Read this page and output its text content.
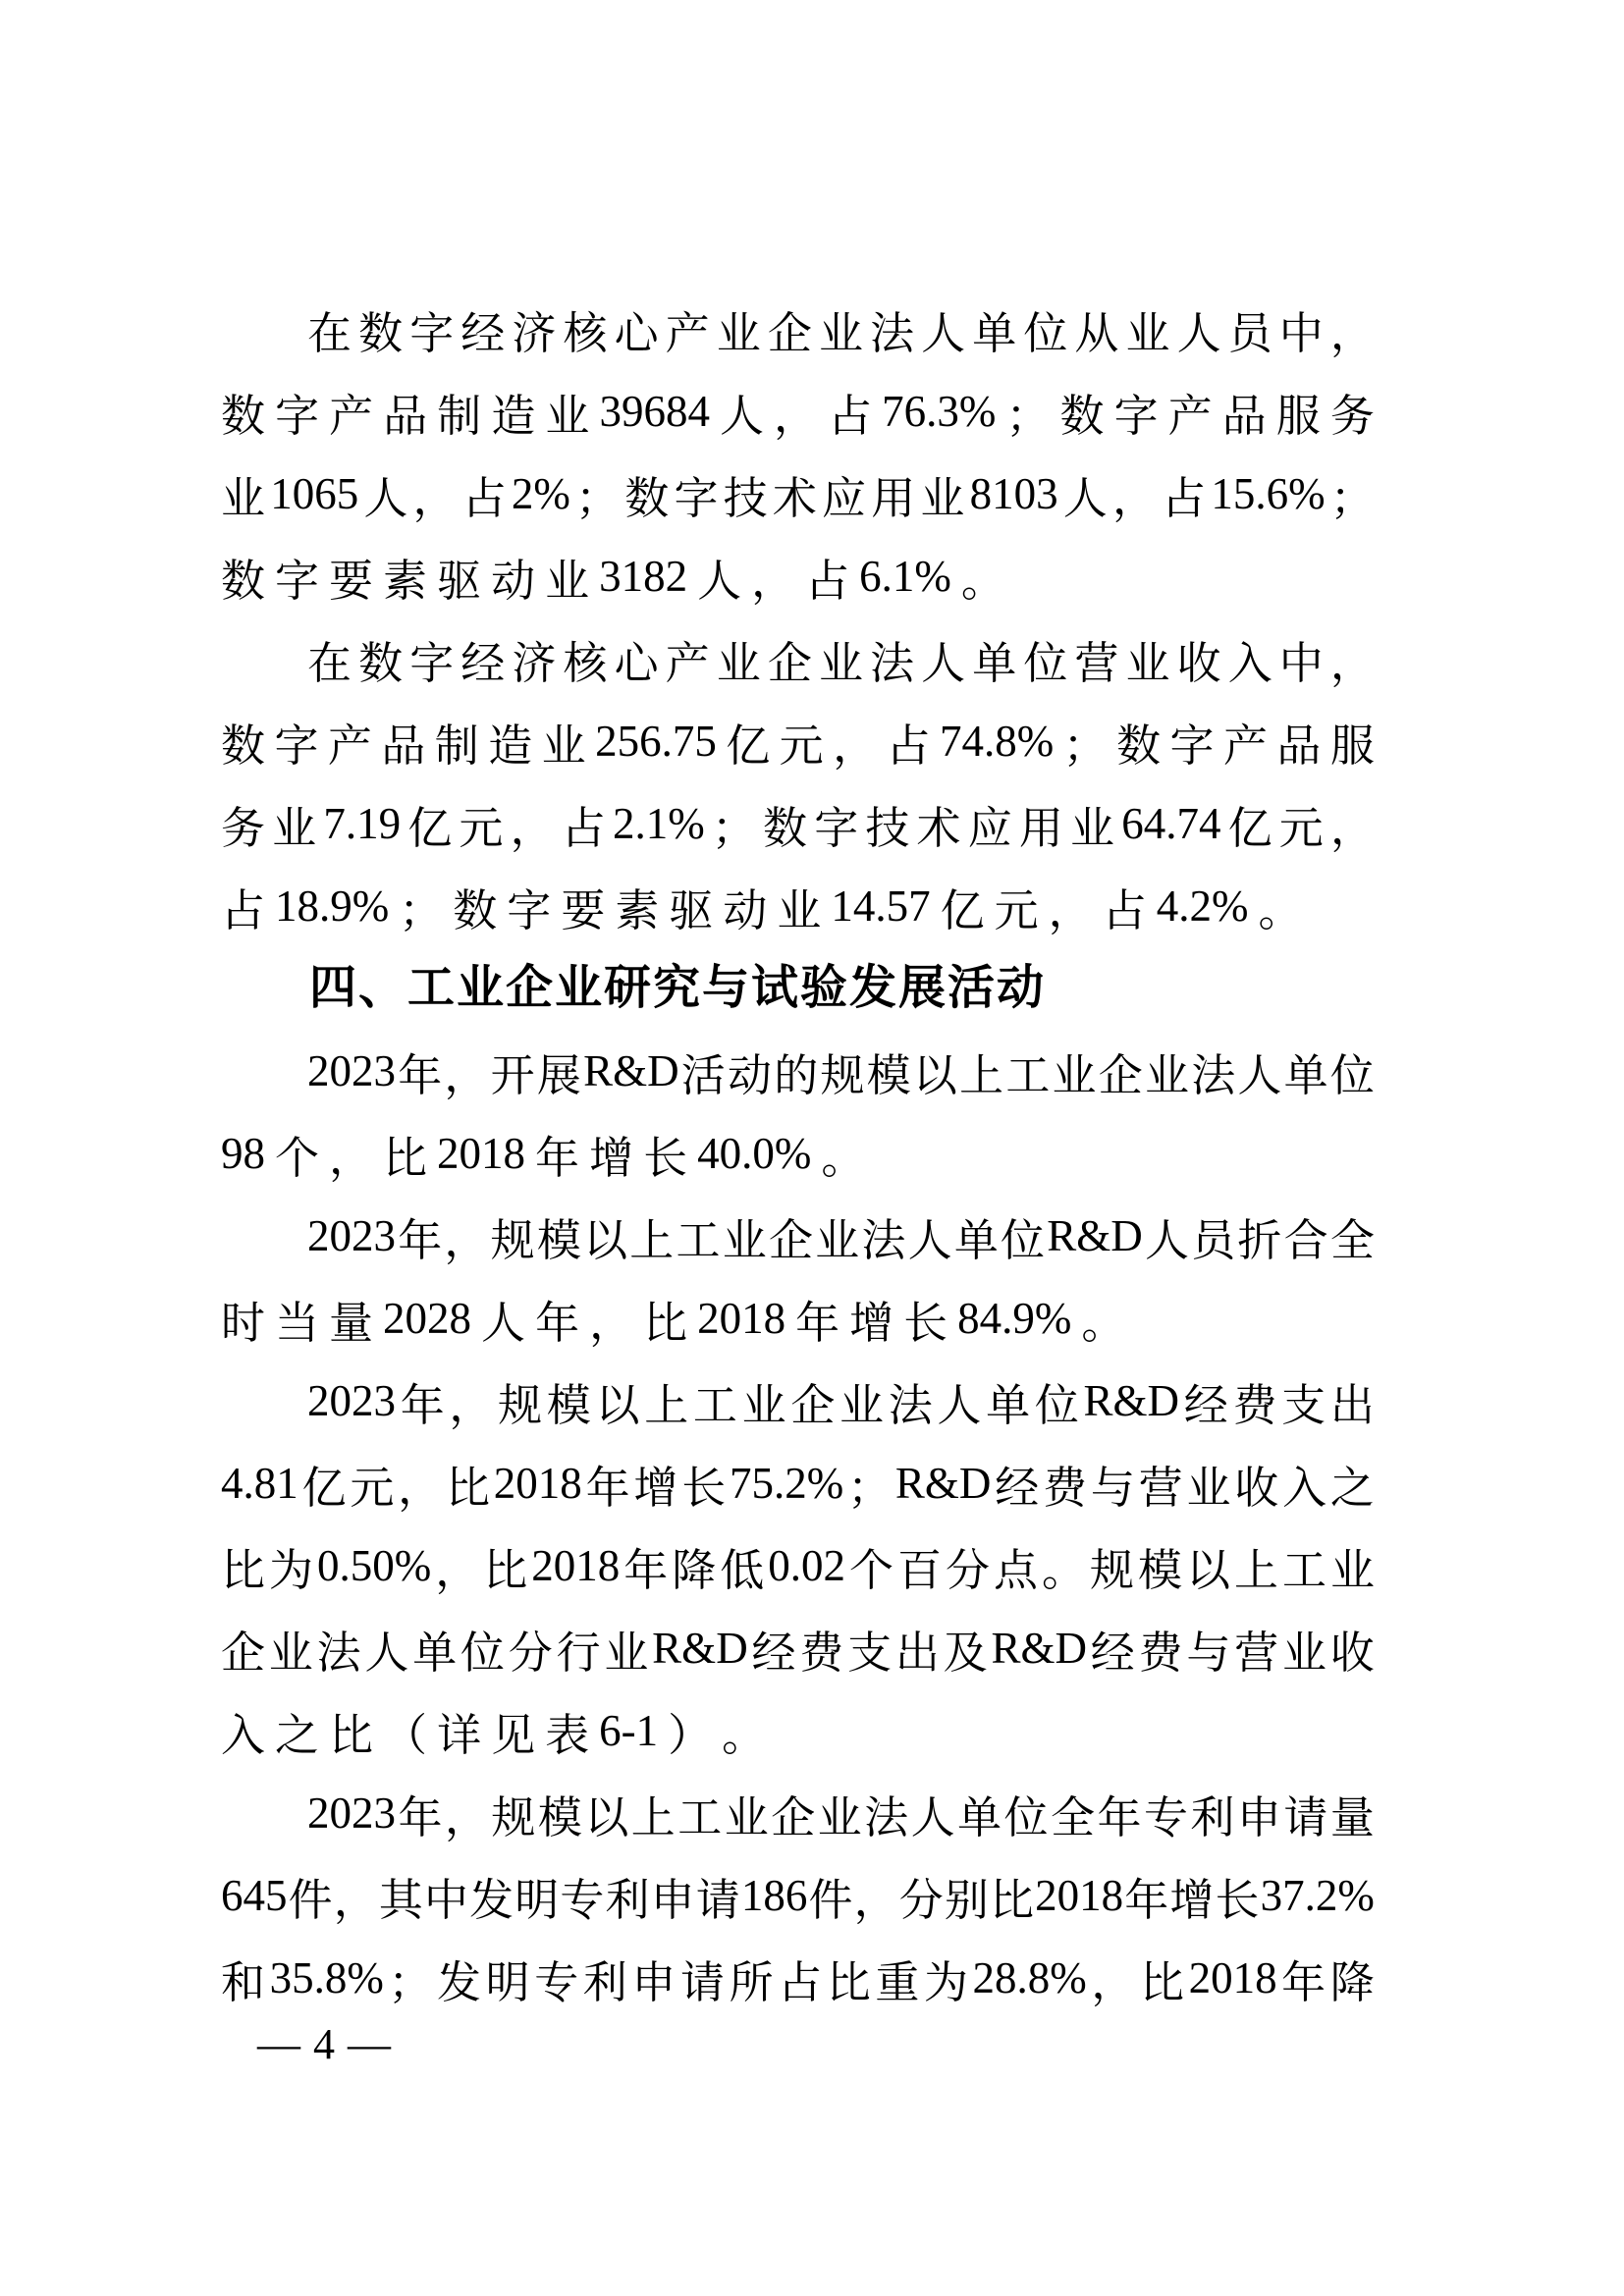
在 数 字 经 济 核 心 产 业 企 业 法 人 单 位 从 业 人 员 中 ，
数 字 产 品 制 造 业 39684 人 ， 占 76.3% ； 数 字 产 品 服 务
业 1065 人 ， 占 2% ； 数 字 技 术 应 用 业 8103 人 ， 占 15.6% ；
数 字 要 素 驱 动 业 3182 人 ， 占 6.1% 。
在 数 字 经 济 核 心 产 业 企 业 法 人 单 位 营 业 收 入 中 ，
数 字 产 品 制 造 业 256.75 亿 元 ， 占 74.8% ； 数 字 产 品 服
务 业 7.19 亿 元 ， 占 2.1% ； 数 字 技 术 应 用 业 64.74 亿 元 ，
占 18.9% ； 数 字 要 素 驱 动 业 14.57 亿 元 ， 占 4.2% 。
四、工业企业研究与试验发展活动
2023 年 ， 开 展 R&D 活 动 的 规 模 以 上 工 业 企 业 法 人 单 位
98 个 ， 比 2018 年 增 长 40.0% 。
2023 年 ， 规 模 以 上 工 业 企 业 法 人 单 位 R&D 人 员 折 合 全
时 当 量 2028 人 年 ， 比 2018 年 增 长 84.9% 。
2023 年 ， 规 模 以 上 工 业 企 业 法 人 单 位 R&D 经 费 支 出
4.81 亿 元 ， 比 2018 年 增 长 75.2% ； R&D 经 费 与 营 业 收 入 之
比 为 0.50% ， 比 2018 年 降 低 0.02 个 百 分 点 。 规 模 以 上 工 业
企 业 法 人 单 位 分 行 业 R&D 经 费 支 出 及 R&D 经 费 与 营 业 收
入 之 比 （ 详 见 表 6-1 ） 。
2023 年 ， 规 模 以 上 工 业 企 业 法 人 单 位 全 年 专 利 申 请 量
645 件 ， 其 中 发 明 专 利 申 请 186 件 ， 分 别 比 2018 年 增 长 37.2%
和 35.8% ； 发 明 专 利 申 请 所 占 比 重 为 28.8% ， 比 2018 年 降
— 4 —
